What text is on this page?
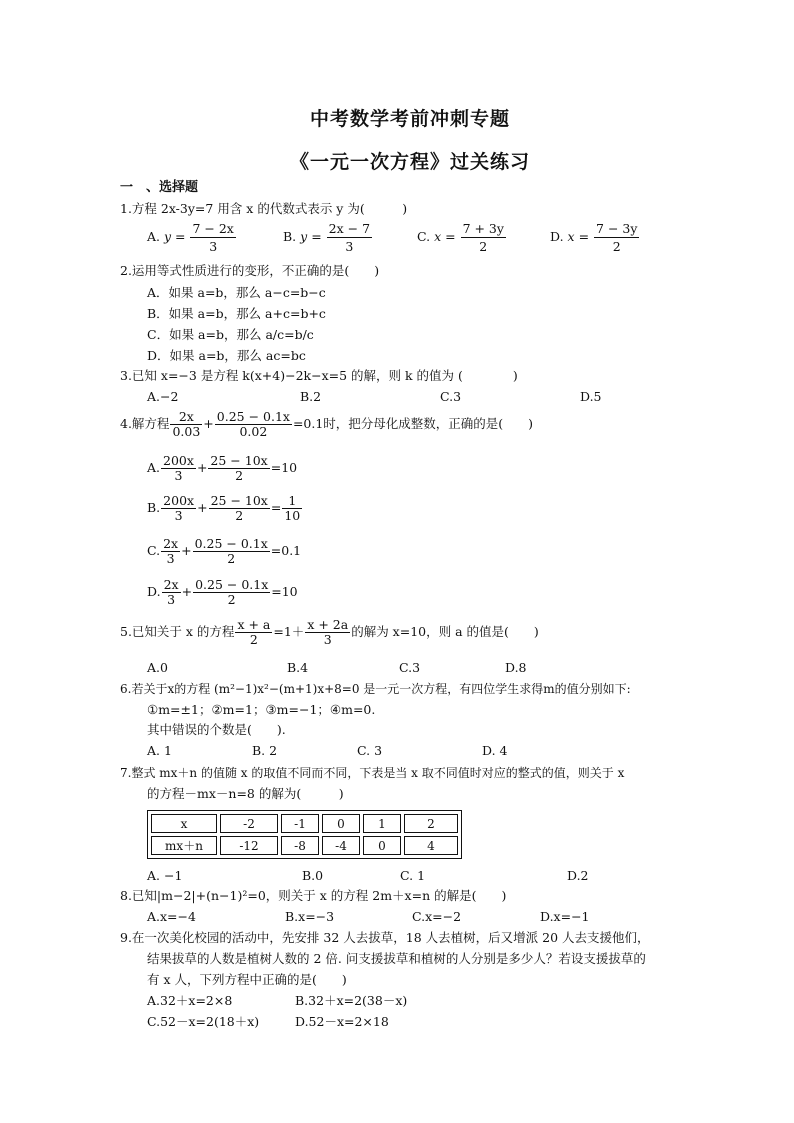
中考数学考前冲刺专题
《一元一次方程》过关练习
一　、选择题
1.方程 2x-3y=7 用含 x 的代数式表示 y 为(　　　)
A. $y = \frac{7 - 2x}{3}$	B. $y = \frac{2x - 7}{3}$	C. $x = \frac{7 + 3y}{2}$	D. $x = \frac{7 - 3y}{2}$
2.运用等式性质进行的变形，不正确的是(　　)
A．如果 a=b，那么 a−c=b−c
B．如果 a=b，那么 a+c=b+c
C．如果 a=b，那么 a/c=b/c
D．如果 a=b，那么 ac=bc
3.已知 x=−3 是方程 k(x+4)−2k−x=5 的解，则 k 的值为 (　　　　)
A.−2	B.2	C.3	D.5
4.解方程 $\frac{2x}{0.03} + \frac{0.25 - 0.1x}{0.02} =0.1$时，把分母化成整数，正确的是(　　)
A. $\frac{200x}{3} + \frac{25 - 10x}{2} =10$
B. $\frac{200x}{3} + \frac{25 - 10x}{2} = \frac{1}{10}$
C. $\frac{2x}{3} + \frac{0.25 - 0.1x}{2} =0.1$
D. $\frac{2x}{3} + \frac{0.25 - 0.1x}{2} =10$
5.已知关于 x 的方程 $\frac{x + a}{2} =1+ \frac{x + 2a}{3}$ 的解为 x=10，则 a 的值是(　　)
A.0	B.4	C.3	D.8
6.若关于x的方程 (m²−1)x²−(m+1)x+8=0 是一元一次方程，有四位学生求得m的值分别如下:
①m=±1；②m=1；③m=−1；④m=0.
其中错误的个数是(　　).
A. 1	B. 2	C. 3	D. 4
7.整式 mx＋n 的值随 x 的取值不同而不同，下表是当 x 取不同值时对应的整式的值，则关于 x
的方程－mx－n=8 的解为(　　　)
x	-2	-1	0	1	2
mx＋n	-12	-8	-4	0	4
A. −1	B.0	C. 1	D.2
8.已知|m−2|+(n−1)²=0，则关于 x 的方程 2m＋x=n 的解是(　　)
A.x=−4	B.x=−3	C.x=−2	D.x=−1
9.在一次美化校园的活动中，先安排 32 人去拔草，18 人去植树，后又增派 20 人去支援他们，
结果拔草的人数是植树人数的 2 倍. 问支援拔草和植树的人分别是多少人？若设支援拔草的
有 x 人，下列方程中正确的是(　　)
A.32＋x=2×8	B.32＋x=2(38－x)
C.52－x=2(18＋x)	D.52－x=2×18
